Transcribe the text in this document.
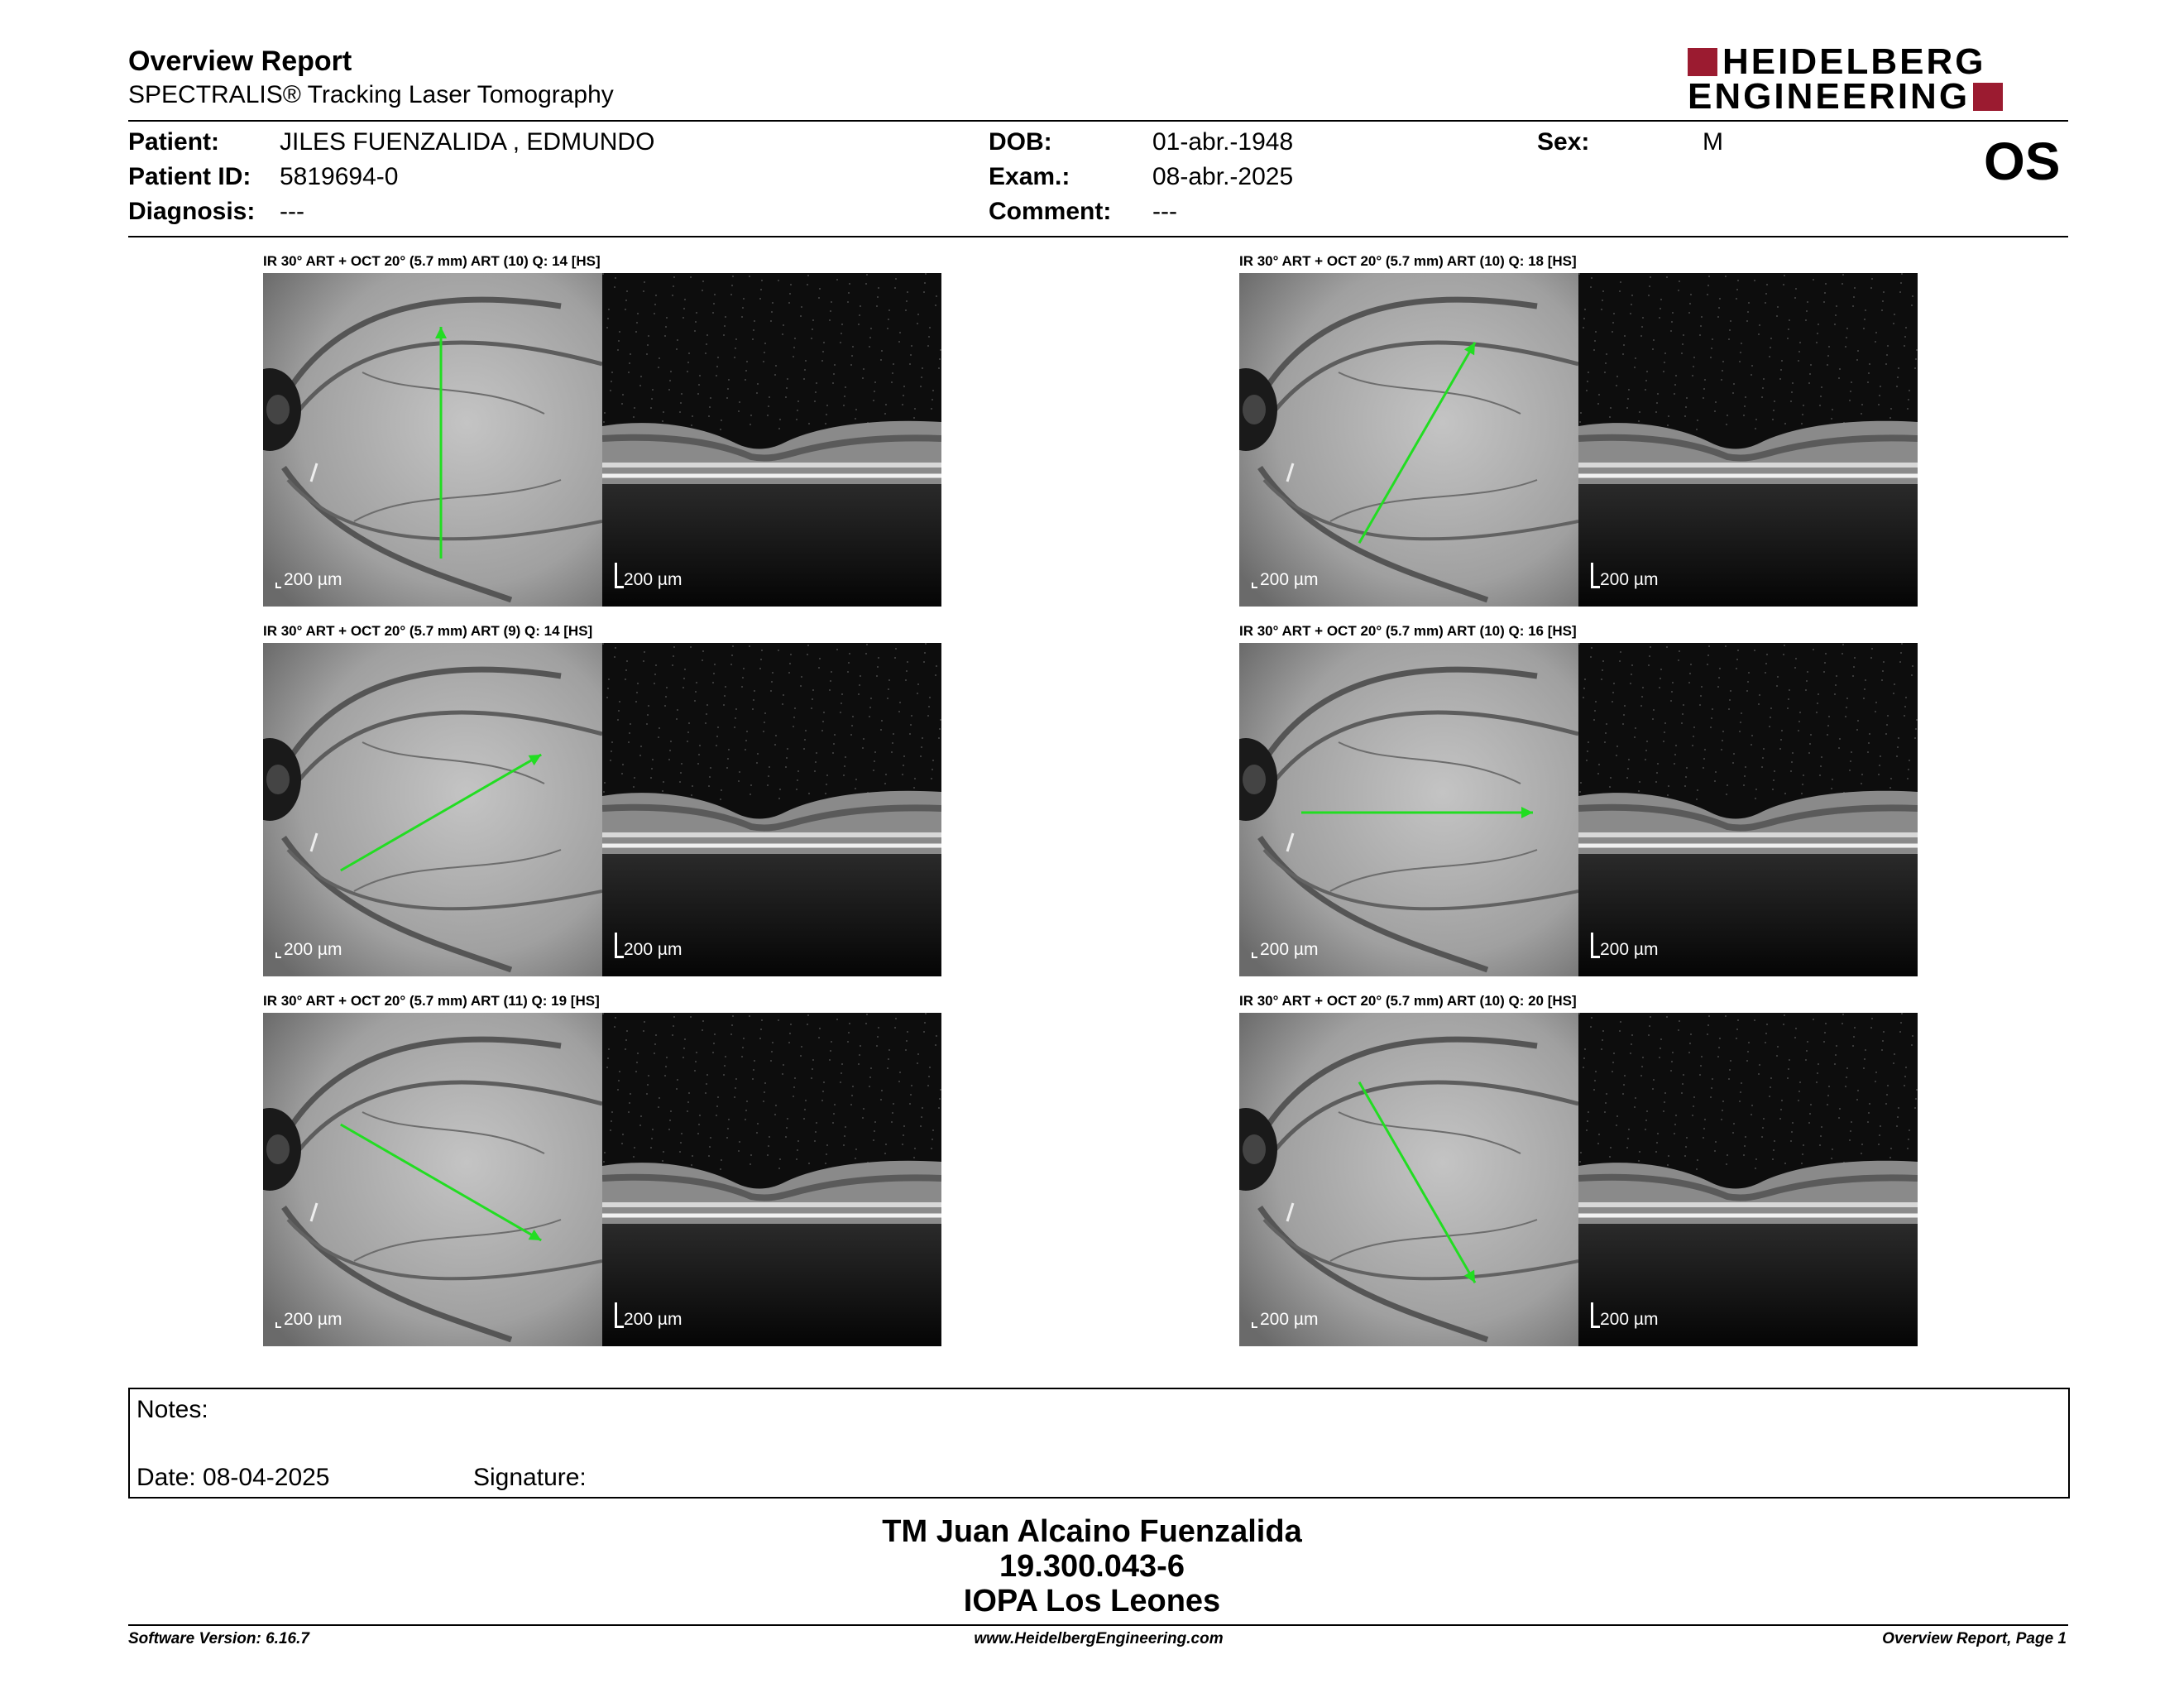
Overview Report
SPECTRALIS® Tracking Laser Tomography
HEIDELBERG
ENGINEERING
Patient: JILES FUENZALIDA , EDMUNDO
Patient ID: 5819694-0
Diagnosis: ---
DOB:	01-abr.-1948
Exam.:	08-abr.-2025
Comment: ---
Sex:	M	OS
IR 30° ART + OCT 20° (5.7 mm) ART (10) Q: 14 [HS]
200 µm	200 µm
IR 30° ART + OCT 20° (5.7 mm) ART (10) Q: 18 [HS]
200 µm	200 µm
IR 30° ART + OCT 20° (5.7 mm) ART (9) Q: 14 [HS]
200 µm	200 µm
IR 30° ART + OCT 20° (5.7 mm) ART (10) Q: 16 [HS]
200 µm	200 µm
IR 30° ART + OCT 20° (5.7 mm) ART (11) Q: 19 [HS]
200 µm	200 µm
IR 30° ART + OCT 20° (5.7 mm) ART (10) Q: 20 [HS]
200 µm	200 µm
Notes:
Date: 08-04-2025	Signature:
TM Juan Alcaino Fuenzalida
19.300.043-6
IOPA Los Leones
Software Version: 6.16.7	www.HeidelbergEngineering.com	Overview Report, Page 1
